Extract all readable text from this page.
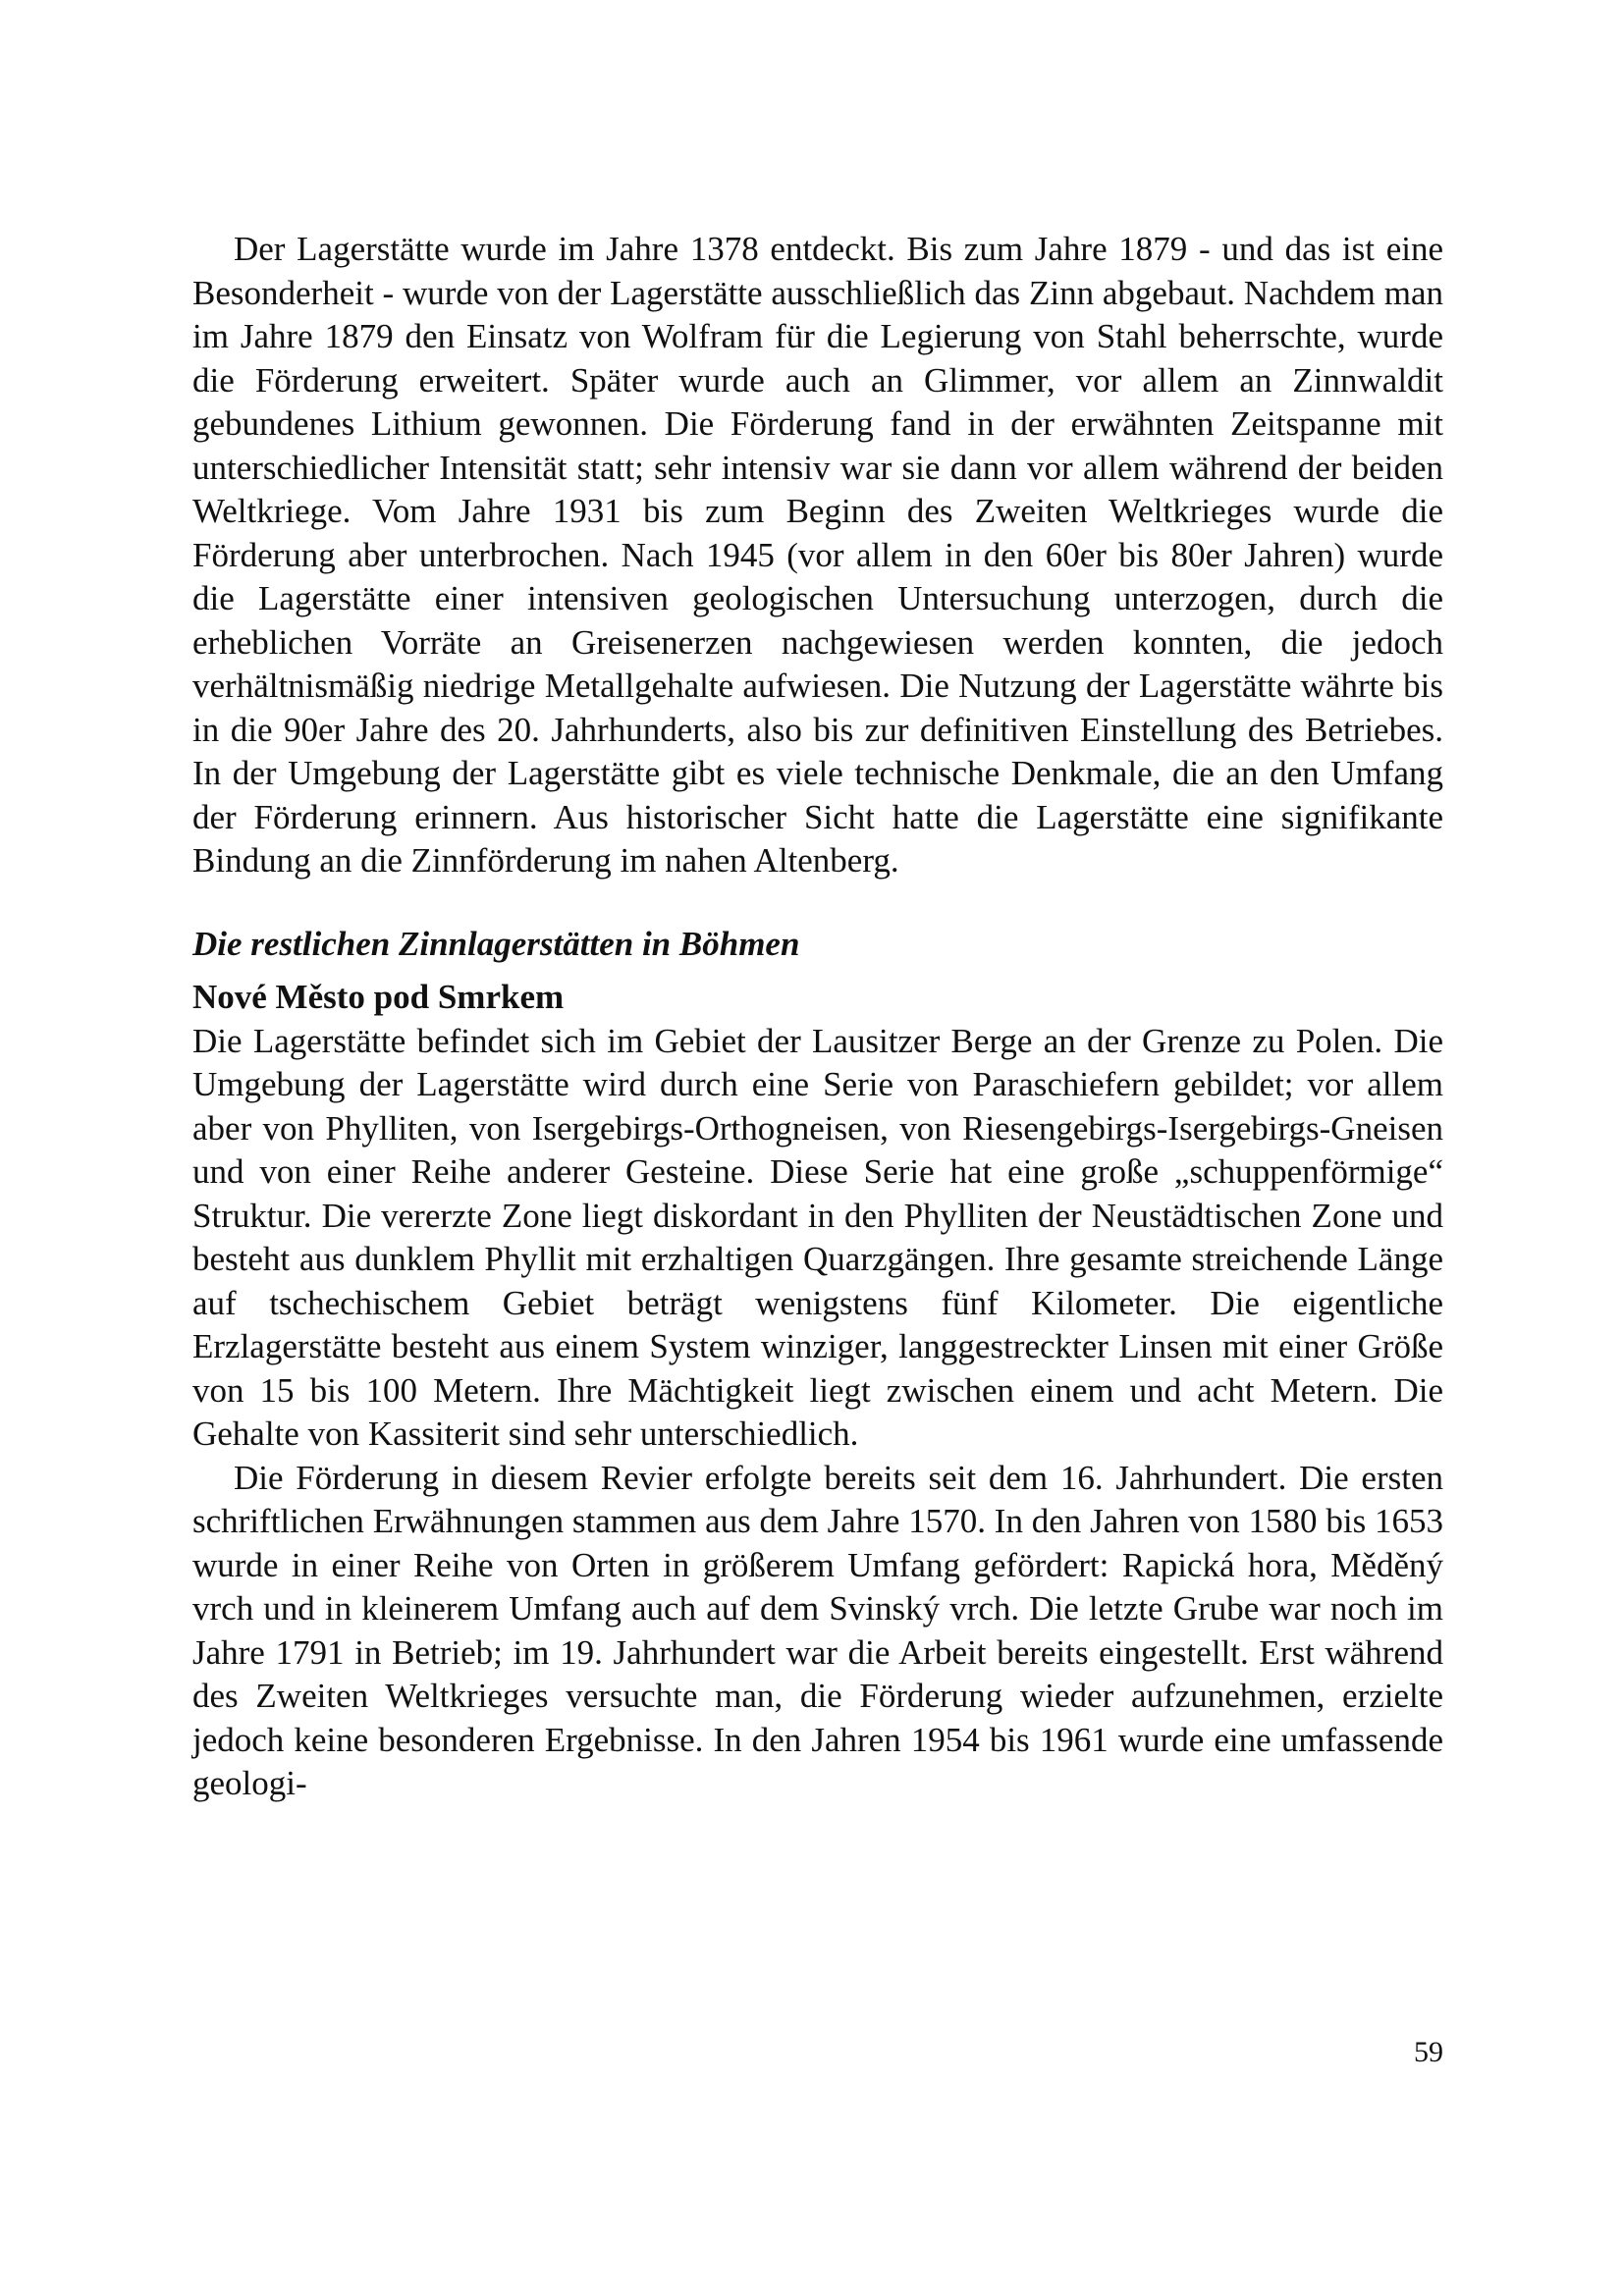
Der Lagerstätte wurde im Jahre 1378 entdeckt. Bis zum Jahre 1879 - und das ist eine Besonderheit - wurde von der Lagerstätte ausschließlich das Zinn abgebaut. Nachdem man im Jahre 1879 den Einsatz von Wolfram für die Legierung von Stahl beherrschte, wurde die Förderung erweitert. Später wurde auch an Glimmer, vor allem an Zinnwaldit gebundenes Lithium gewonnen. Die Förderung fand in der erwähnten Zeitspanne mit unterschiedlicher Intensität statt; sehr intensiv war sie dann vor allem während der beiden Weltkriege. Vom Jahre 1931 bis zum Beginn des Zweiten Weltkrieges wurde die Förderung aber unterbrochen. Nach 1945 (vor allem in den 60er bis 80er Jahren) wurde die Lagerstätte einer intensiven geologischen Untersuchung unterzogen, durch die erheblichen Vorräte an Greisenerzen nachgewiesen werden konnten, die jedoch verhältnismäßig niedrige Metallgehalte aufwiesen. Die Nutzung der Lagerstätte währte bis in die 90er Jahre des 20. Jahrhunderts, also bis zur definitiven Einstellung des Betriebes. In der Umgebung der Lagerstätte gibt es viele technische Denkmale, die an den Umfang der Förderung erinnern. Aus historischer Sicht hatte die Lagerstätte eine signifikante Bindung an die Zinnförderung im nahen Altenberg.

Die restlichen Zinnlagerstätten in Böhmen
Nové Město pod Smrkem

Die Lagerstätte befindet sich im Gebiet der Lausitzer Berge an der Grenze zu Polen. Die Umgebung der Lagerstätte wird durch eine Serie von Paraschiefern gebildet; vor allem aber von Phylliten, von Isergebirgs-Orthogneisen, von Riesengebirgs-Isergebirgs-Gneisen und von einer Reihe anderer Gesteine. Diese Serie hat eine große „schuppenförmige“ Struktur. Die vererzte Zone liegt diskordant in den Phylliten der Neustädtischen Zone und besteht aus dunklem Phyllit mit erzhaltigen Quarzgängen. Ihre gesamte streichende Länge auf tschechischem Gebiet beträgt wenigstens fünf Kilometer. Die eigentliche Erzlagerstätte besteht aus einem System winziger, langgestreckter Linsen mit einer Größe von 15 bis 100 Metern. Ihre Mächtigkeit liegt zwischen einem und acht Metern. Die Gehalte von Kassiterit sind sehr unterschiedlich.

Die Förderung in diesem Revier erfolgte bereits seit dem 16. Jahrhundert. Die ersten schriftlichen Erwähnungen stammen aus dem Jahre 1570. In den Jahren von 1580 bis 1653 wurde in einer Reihe von Orten in größerem Umfang gefördert: Rapická hora, Měděný vrch und in kleinerem Umfang auch auf dem Svinský vrch. Die letzte Grube war noch im Jahre 1791 in Betrieb; im 19. Jahrhundert war die Arbeit bereits eingestellt. Erst während des Zweiten Weltkrieges versuchte man, die Förderung wieder aufzunehmen, erzielte jedoch keine besonderen Ergebnisse. In den Jahren 1954 bis 1961 wurde eine umfassende geologi-

59
